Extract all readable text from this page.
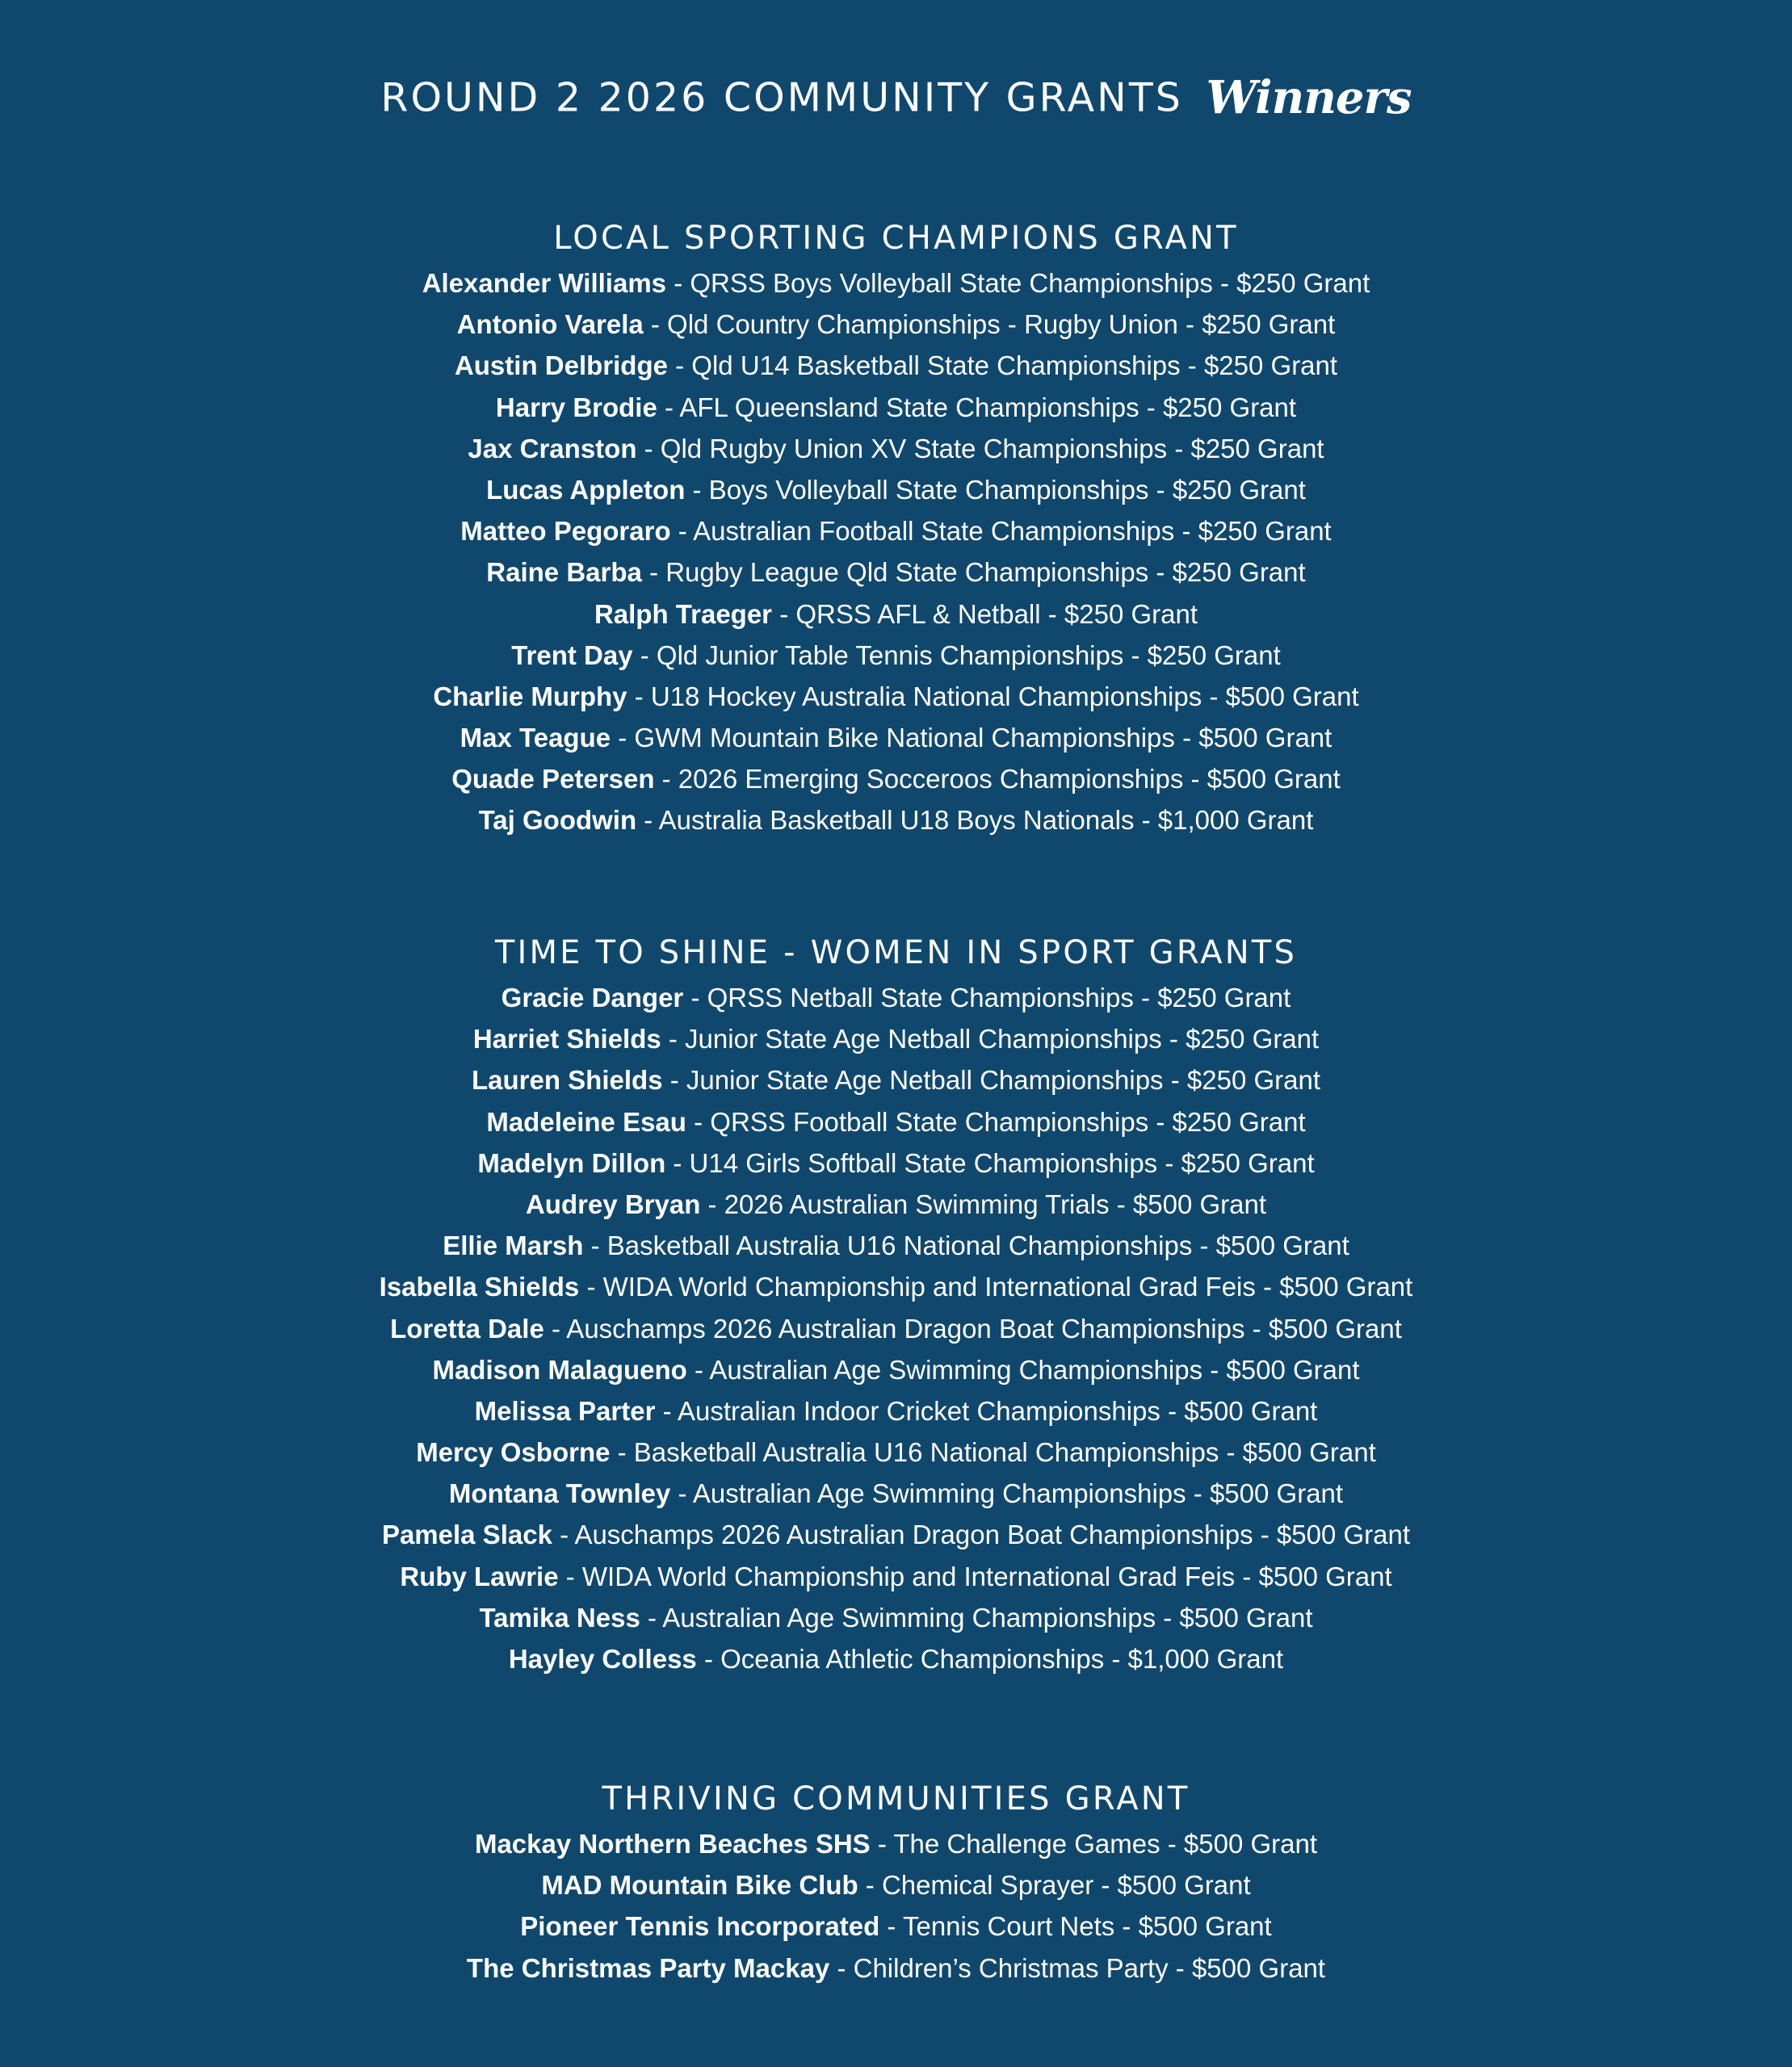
ROUND 2 2026 COMMUNITY GRANTS Winners
LOCAL SPORTING CHAMPIONS GRANT
Alexander Williams - QRSS Boys Volleyball State Championships - $250 Grant
Antonio Varela - Qld Country Championships - Rugby Union - $250 Grant
Austin Delbridge - Qld U14 Basketball State Championships - $250 Grant
Harry Brodie - AFL Queensland State Championships - $250 Grant
Jax Cranston - Qld Rugby Union XV State Championships - $250 Grant
Lucas Appleton - Boys Volleyball State Championships - $250 Grant
Matteo Pegoraro - Australian Football State Championships - $250 Grant
Raine Barba - Rugby League Qld State Championships - $250 Grant
Ralph Traeger - QRSS AFL & Netball - $250 Grant
Trent Day - Qld Junior Table Tennis Championships - $250 Grant
Charlie Murphy - U18 Hockey Australia National Championships - $500 Grant
Max Teague - GWM Mountain Bike National Championships - $500 Grant
Quade Petersen - 2026 Emerging Socceroos Championships - $500 Grant
Taj Goodwin - Australia Basketball U18 Boys Nationals - $1,000 Grant
TIME TO SHINE - WOMEN IN SPORT GRANTS
Gracie Danger - QRSS Netball State Championships - $250 Grant
Harriet Shields - Junior State Age Netball Championships - $250 Grant
Lauren Shields - Junior State Age Netball Championships - $250 Grant
Madeleine Esau - QRSS Football State Championships - $250 Grant
Madelyn Dillon - U14 Girls Softball State Championships - $250 Grant
Audrey Bryan - 2026 Australian Swimming Trials - $500 Grant
Ellie Marsh - Basketball Australia U16 National Championships - $500 Grant
Isabella Shields - WIDA World Championship and International Grad Feis - $500 Grant
Loretta Dale - Auschamps 2026 Australian Dragon Boat Championships - $500 Grant
Madison Malagueno - Australian Age Swimming Championships - $500 Grant
Melissa Parter - Australian Indoor Cricket Championships - $500 Grant
Mercy Osborne - Basketball Australia U16 National Championships - $500 Grant
Montana Townley - Australian Age Swimming Championships - $500 Grant
Pamela Slack - Auschamps 2026 Australian Dragon Boat Championships - $500 Grant
Ruby Lawrie - WIDA World Championship and International Grad Feis - $500 Grant
Tamika Ness - Australian Age Swimming Championships - $500 Grant
Hayley Colless - Oceania Athletic Championships - $1,000 Grant
THRIVING COMMUNITIES GRANT
Mackay Northern Beaches SHS - The Challenge Games - $500 Grant
MAD Mountain Bike Club - Chemical Sprayer - $500 Grant
Pioneer Tennis Incorporated - Tennis Court Nets - $500 Grant
The Christmas Party Mackay - Children’s Christmas Party - $500 Grant
